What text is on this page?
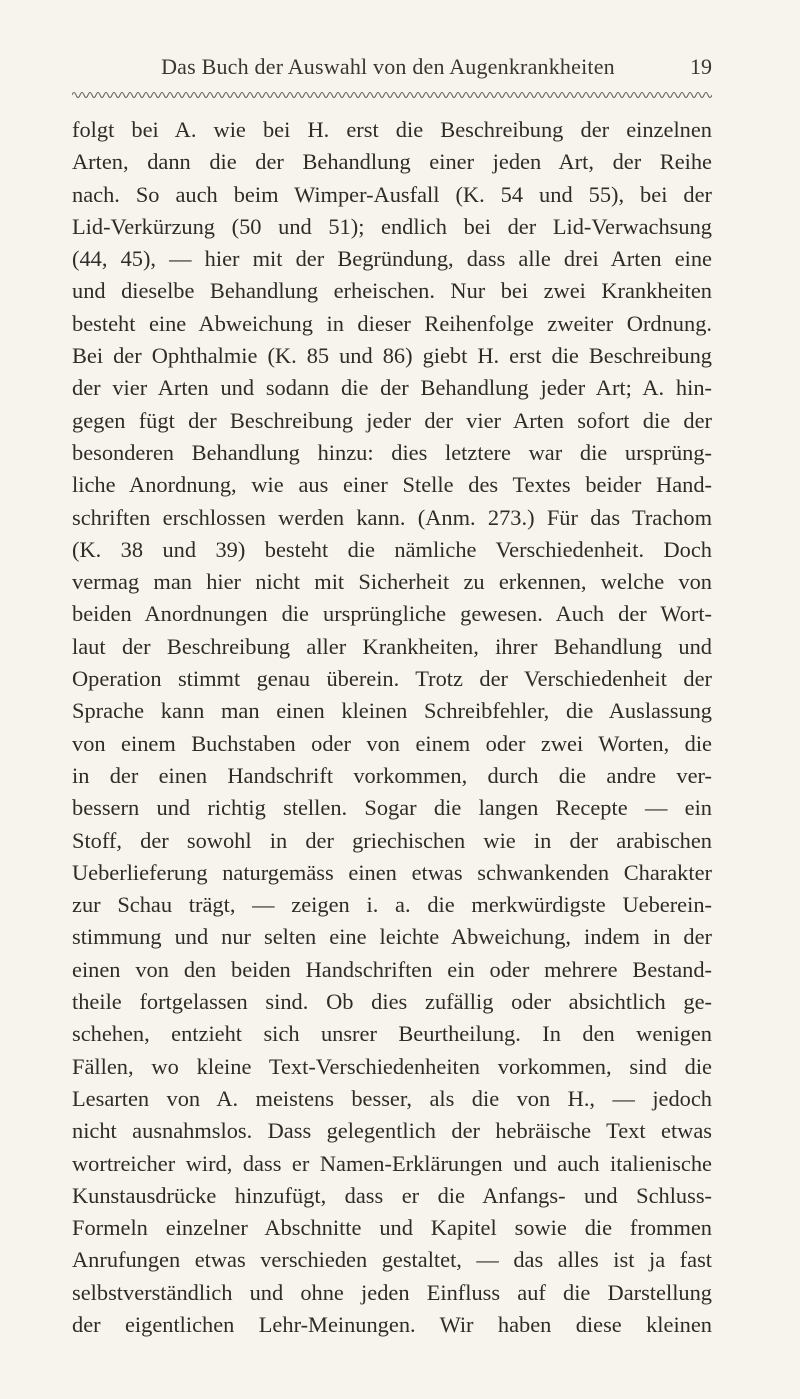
Das Buch der Auswahl von den Augenkrankheiten	19
folgt bei A. wie bei H. erst die Beschreibung der einzelnen
Arten, dann die der Behandlung einer jeden Art, der Reihe
nach. So auch beim Wimper-Ausfall (K. 54 und 55), bei der
Lid-Verkürzung (50 und 51); endlich bei der Lid-Verwachsung
(44, 45), — hier mit der Begründung, dass alle drei Arten eine
und dieselbe Behandlung erheischen. Nur bei zwei Krankheiten
besteht eine Abweichung in dieser Reihenfolge zweiter Ordnung.
Bei der Ophthalmie (K. 85 und 86) giebt H. erst die Beschreibung
der vier Arten und sodann die der Behandlung jeder Art; A. hin-
gegen fügt der Beschreibung jeder der vier Arten sofort die der
besonderen Behandlung hinzu: dies letztere war die ursprüng-
liche Anordnung, wie aus einer Stelle des Textes beider Hand-
schriften erschlossen werden kann. (Anm. 273.) Für das Trachom
(K. 38 und 39) besteht die nämliche Verschiedenheit. Doch
vermag man hier nicht mit Sicherheit zu erkennen, welche von
beiden Anordnungen die ursprüngliche gewesen. Auch der Wort-
laut der Beschreibung aller Krankheiten, ihrer Behandlung und
Operation stimmt genau überein. Trotz der Verschiedenheit der
Sprache kann man einen kleinen Schreibfehler, die Auslassung
von einem Buchstaben oder von einem oder zwei Worten, die
in der einen Handschrift vorkommen, durch die andre ver-
bessern und richtig stellen. Sogar die langen Recepte — ein
Stoff, der sowohl in der griechischen wie in der arabischen
Ueberlieferung naturgemäss einen etwas schwankenden Charakter
zur Schau trägt, — zeigen i. a. die merkwürdigste Ueberein-
stimmung und nur selten eine leichte Abweichung, indem in der
einen von den beiden Handschriften ein oder mehrere Bestand-
theile fortgelassen sind. Ob dies zufällig oder absichtlich ge-
schehen, entzieht sich unsrer Beurtheilung. In den wenigen
Fällen, wo kleine Text-Verschiedenheiten vorkommen, sind die
Lesarten von A. meistens besser, als die von H., — jedoch
nicht ausnahmslos. Dass gelegentlich der hebräische Text etwas
wortreicher wird, dass er Namen-Erklärungen und auch italienische
Kunstausdrücke hinzufügt, dass er die Anfangs- und Schluss-
Formeln einzelner Abschnitte und Kapitel sowie die frommen
Anrufungen etwas verschieden gestaltet, — das alles ist ja fast
selbstverständlich und ohne jeden Einfluss auf die Darstellung
der eigentlichen Lehr-Meinungen. Wir haben diese kleinen
